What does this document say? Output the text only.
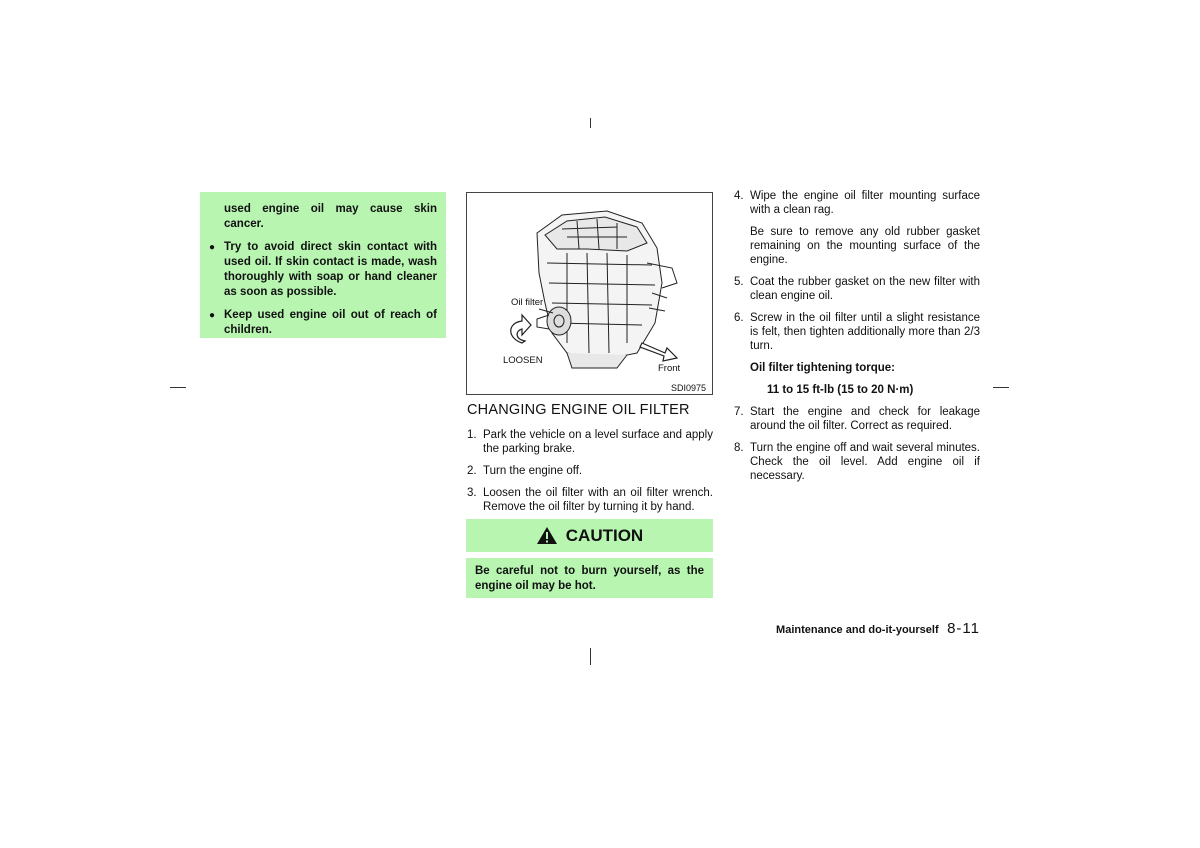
used engine oil may cause skin cancer.

● Try to avoid direct skin contact with used oil. If skin contact is made, wash thoroughly with soap or hand cleaner as soon as possible.

● Keep used engine oil out of reach of children.

Oil filter
LOOSEN
Front
SDI0975
CHANGING ENGINE OIL FILTER
1. Park the vehicle on a level surface and apply the parking brake.
2. Turn the engine off.
3. Loosen the oil filter with an oil filter wrench. Remove the oil filter by turning it by hand.
CAUTION
Be careful not to burn yourself, as the engine oil may be hot.
4. Wipe the engine oil filter mounting surface with a clean rag.
Be sure to remove any old rubber gasket remaining on the mounting surface of the engine.
5. Coat the rubber gasket on the new filter with clean engine oil.
6. Screw in the oil filter until a slight resistance is felt, then tighten additionally more than 2/3 turn.
Oil filter tightening torque:
11 to 15 ft-lb (15 to 20 N·m)
7. Start the engine and check for leakage around the oil filter. Correct as required.
8. Turn the engine off and wait several minutes. Check the oil level. Add engine oil if necessary.
Maintenance and do-it-yourself 8-11
